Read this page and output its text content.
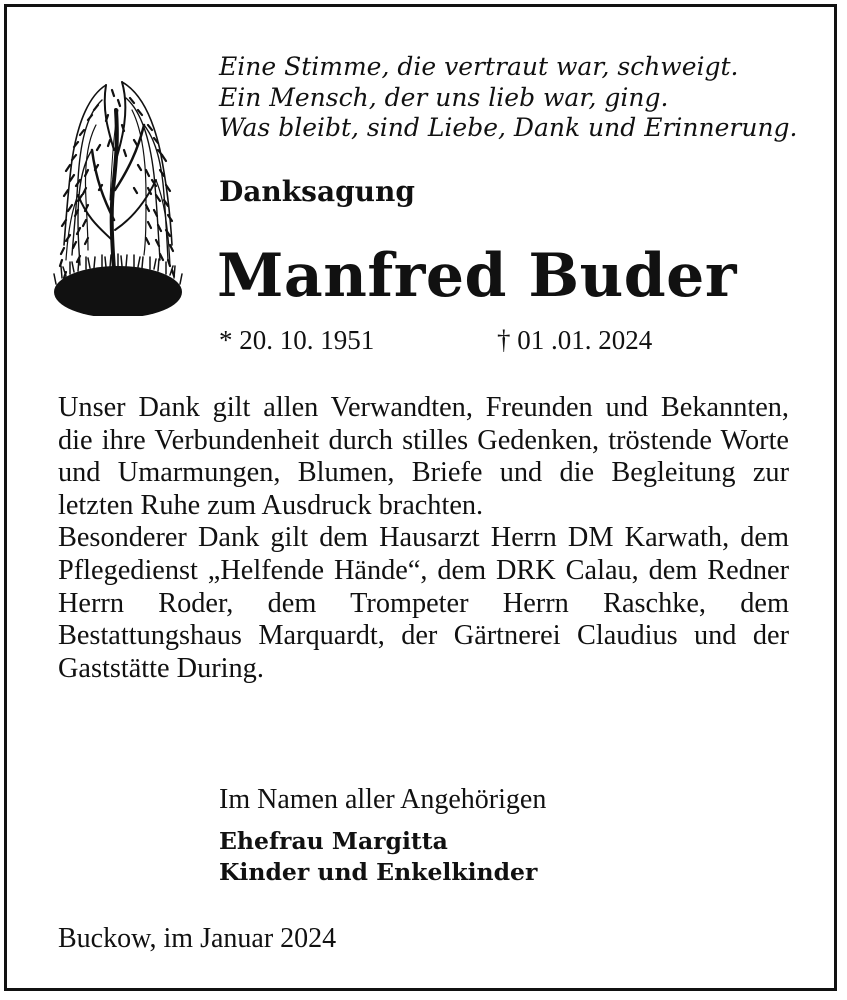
Eine Stimme, die vertraut war, schweigt.
Ein Mensch, der uns lieb war, ging.
Was bleibt, sind Liebe, Dank und Erinnerung.
Danksagung
Manfred Buder
* 20. 10. 1951	† 01 .01. 2024

Unser Dank gilt allen Verwandten, Freunden und Bekannten, die ihre Verbundenheit durch stilles Gedenken, tröstende Worte und Umarmungen, Blumen, Briefe und die Begleitung zur letzten Ruhe zum Ausdruck brachten.

Besonderer Dank gilt dem Hausarzt Herrn DM Karwath, dem Pflegedienst „Helfende Hände“, dem DRK Calau, dem Redner Herrn Roder, dem Trompeter Herrn Raschke, dem Bestattungshaus Marquardt, der Gärtnerei Claudius und der Gaststätte During.

Im Namen aller Angehörigen
Ehefrau Margitta
Kinder und Enkelkinder
Buckow, im Januar 2024
